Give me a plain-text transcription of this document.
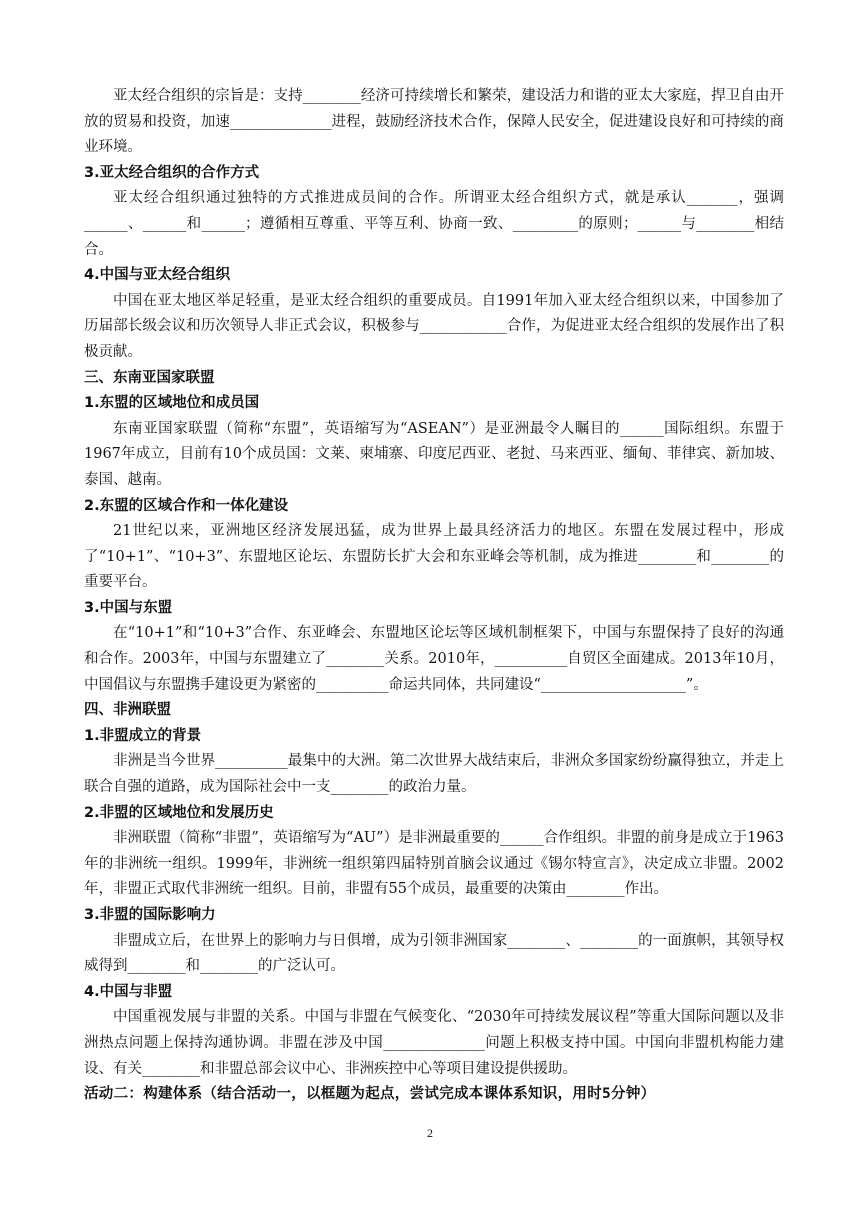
亚太经合组织的宗旨是：支持________经济可持续增长和繁荣，建设活力和谐的亚太大家庭，捍卫自由开放的贸易和投资，加速______________进程，鼓励经济技术合作，保障人民安全，促进建设良好和可持续的商业环境。

3.亚太经合组织的合作方式

亚太经合组织通过独特的方式推进成员间的合作。所谓亚太经合组织方式，就是承认_______，强调______、______和______；遵循相互尊重、平等互利、协商一致、_________的原则；______与________相结合。

4.中国与亚太经合组织

中国在亚太地区举足轻重，是亚太经合组织的重要成员。自1991年加入亚太经合组织以来，中国参加了历届部长级会议和历次领导人非正式会议，积极参与____________合作，为促进亚太经合组织的发展作出了积极贡献。

三、东南亚国家联盟
1.东盟的区域地位和成员国

东南亚国家联盟（简称“东盟”，英语缩写为“ASEAN”）是亚洲最令人瞩目的______国际组织。东盟于1967年成立，目前有10个成员国：文莱、柬埔寨、印度尼西亚、老挝、马来西亚、缅甸、菲律宾、新加坡、泰国、越南。

2.东盟的区域合作和一体化建设

21世纪以来，亚洲地区经济发展迅猛，成为世界上最具经济活力的地区。东盟在发展过程中，形成了“10+1”、“10+3”、东盟地区论坛、东盟防长扩大会和东亚峰会等机制，成为推进________和________的重要平台。

3.中国与东盟

在“10+1”和“10+3”合作、东亚峰会、东盟地区论坛等区域机制框架下，中国与东盟保持了良好的沟通和合作。2003年，中国与东盟建立了________关系。2010年，__________自贸区全面建成。2013年10月，中国倡议与东盟携手建设更为紧密的__________命运共同体，共同建设“____________________”。

四、非洲联盟
1.非盟成立的背景

非洲是当今世界__________最集中的大洲。第二次世界大战结束后，非洲众多国家纷纷赢得独立，并走上联合自强的道路，成为国际社会中一支________的政治力量。

2.非盟的区域地位和发展历史

非洲联盟（简称“非盟”，英语缩写为“AU”）是非洲最重要的______合作组织。非盟的前身是成立于1963年的非洲统一组织。1999年，非洲统一组织第四届特别首脑会议通过《锡尔特宣言》，决定成立非盟。2002年，非盟正式取代非洲统一组织。目前，非盟有55个成员，最重要的决策由________作出。

3.非盟的国际影响力

非盟成立后，在世界上的影响力与日俱增，成为引领非洲国家________、________的一面旗帜，其领导权威得到________和________的广泛认可。

4.中国与非盟

中国重视发展与非盟的关系。中国与非盟在气候变化、“2030年可持续发展议程”等重大国际问题以及非洲热点问题上保持沟通协调。非盟在涉及中国______________问题上积极支持中国。中国向非盟机构能力建设、有关________和非盟总部会议中心、非洲疾控中心等项目建设提供援助。

活动二：构建体系（结合活动一，以框题为起点，尝试完成本课体系知识，用时5分钟）
2
